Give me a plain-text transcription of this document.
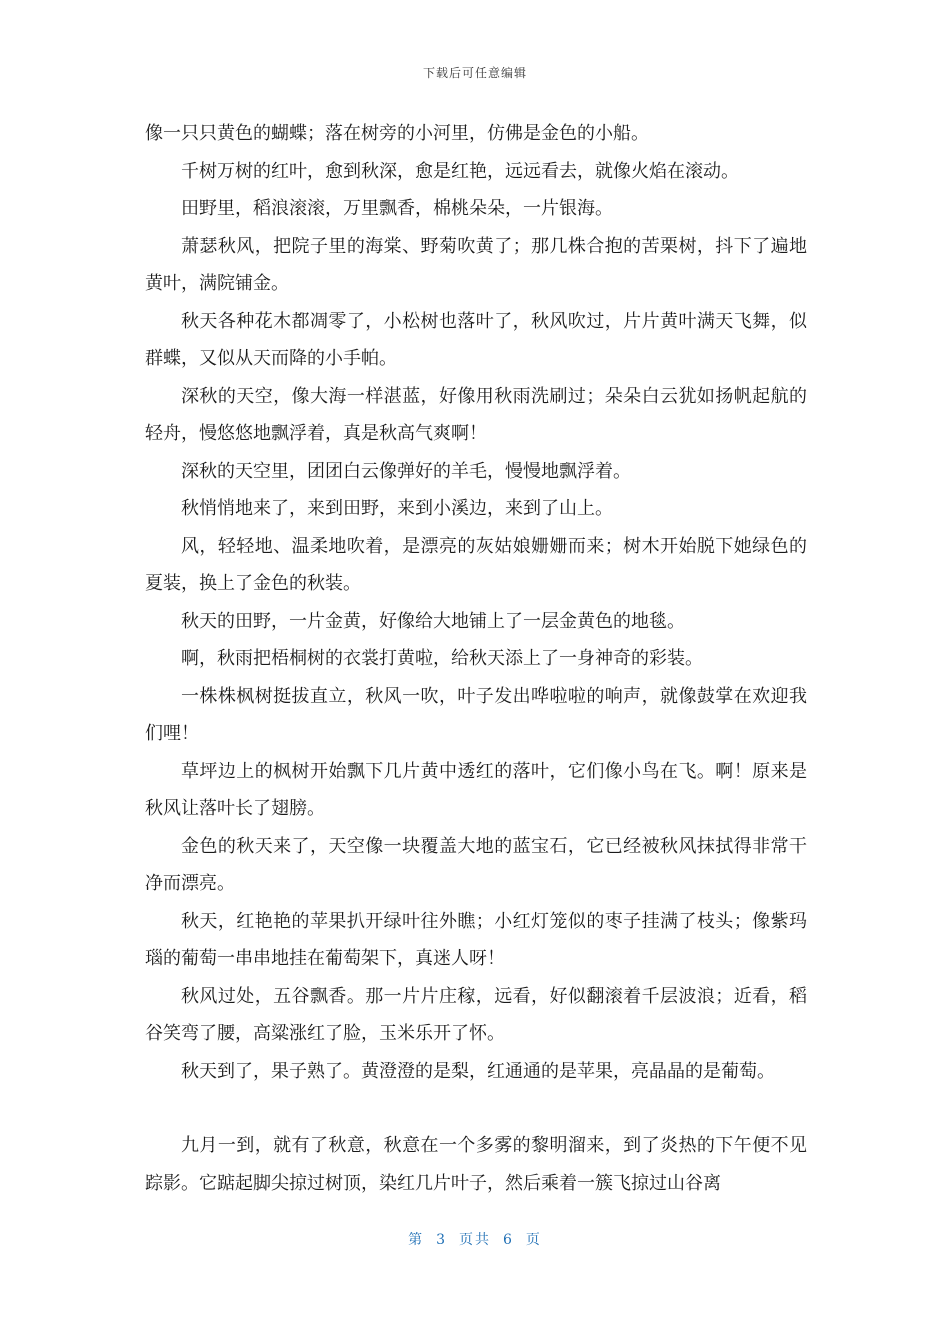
下载后可任意编辑

像一只只黄色的蝴蝶；落在树旁的小河里，仿佛是金色的小船。

千树万树的红叶，愈到秋深，愈是红艳，远远看去，就像火焰在滚动。

田野里，稻浪滚滚，万里飘香，棉桃朵朵，一片银海。

萧瑟秋风，把院子里的海棠、野菊吹黄了；那几株合抱的苦栗树，抖下了遍地黄叶，满院铺金。

秋天各种花木都凋零了，小松树也落叶了，秋风吹过，片片黄叶满天飞舞，似群蝶，又似从天而降的小手帕。

深秋的天空，像大海一样湛蓝，好像用秋雨洗刷过；朵朵白云犹如扬帆起航的轻舟，慢悠悠地飘浮着，真是秋高气爽啊！

深秋的天空里，团团白云像弹好的羊毛，慢慢地飘浮着。

秋悄悄地来了，来到田野，来到小溪边，来到了山上。

风，轻轻地、温柔地吹着，是漂亮的灰姑娘姗姗而来；树木开始脱下她绿色的夏装，换上了金色的秋装。

秋天的田野，一片金黄，好像给大地铺上了一层金黄色的地毯。

啊，秋雨把梧桐树的衣裳打黄啦，给秋天添上了一身神奇的彩装。

一株株枫树挺拔直立，秋风一吹，叶子发出哗啦啦的响声，就像鼓掌在欢迎我们哩！

草坪边上的枫树开始飘下几片黄中透红的落叶，它们像小鸟在飞。啊！原来是秋风让落叶长了翅膀。

金色的秋天来了，天空像一块覆盖大地的蓝宝石，它已经被秋风抹拭得非常干净而漂亮。

秋天，红艳艳的苹果扒开绿叶往外瞧；小红灯笼似的枣子挂满了枝头；像紫玛瑙的葡萄一串串地挂在葡萄架下，真迷人呀！

秋风过处，五谷飘香。那一片片庄稼，远看，好似翻滚着千层波浪；近看，稻谷笑弯了腰，高粱涨红了脸，玉米乐开了怀。

秋天到了，果子熟了。黄澄澄的是梨，红通通的是苹果，亮晶晶的是葡萄。

九月一到，就有了秋意，秋意在一个多雾的黎明溜来，到了炎热的下午便不见踪影。它踮起脚尖掠过树顶，染红几片叶子，然后乘着一簇飞掠过山谷离

第 3 页共 6 页
